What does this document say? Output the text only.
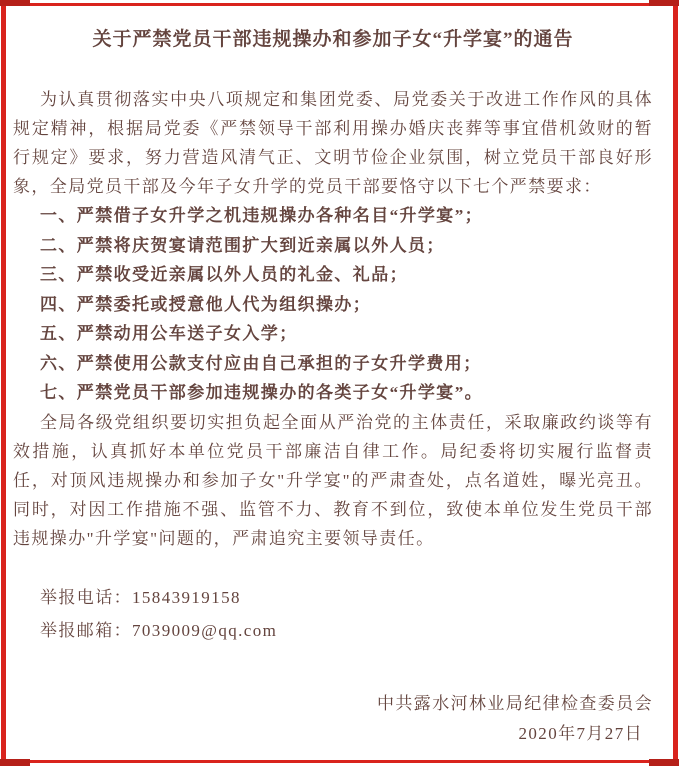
关于严禁党员干部违规操办和参加子女“升学宴”的通告

为认真贯彻落实中央八项规定和集团党委、局党委关于改进工作作风的具体规定精神，根据局党委《严禁领导干部利用操办婚庆丧葬等事宜借机敛财的暂行规定》要求，努力营造风清气正、文明节俭企业氛围，树立党员干部良好形象，全局党员干部及今年子女升学的党员干部要恪守以下七个严禁要求：

一、严禁借子女升学之机违规操办各种名目“升学宴”；

二、严禁将庆贺宴请范围扩大到近亲属以外人员；

三、严禁收受近亲属以外人员的礼金、礼品；

四、严禁委托或授意他人代为组织操办；

五、严禁动用公车送子女入学；

六、严禁使用公款支付应由自己承担的子女升学费用；

七、严禁党员干部参加违规操办的各类子女“升学宴”。

全局各级党组织要切实担负起全面从严治党的主体责任，采取廉政约谈等有效措施，认真抓好本单位党员干部廉洁自律工作。局纪委将切实履行监督责任，对顶风违规操办和参加子女"升学宴"的严肃查处，点名道姓，曝光亮丑。同时，对因工作措施不强、监管不力、教育不到位，致使本单位发生党员干部违规操办"升学宴"问题的，严肃追究主要领导责任。

举报电话：15843919158

举报邮箱：7039009@qq.com

中共露水河林业局纪律检查委员会

2020年7月27日
